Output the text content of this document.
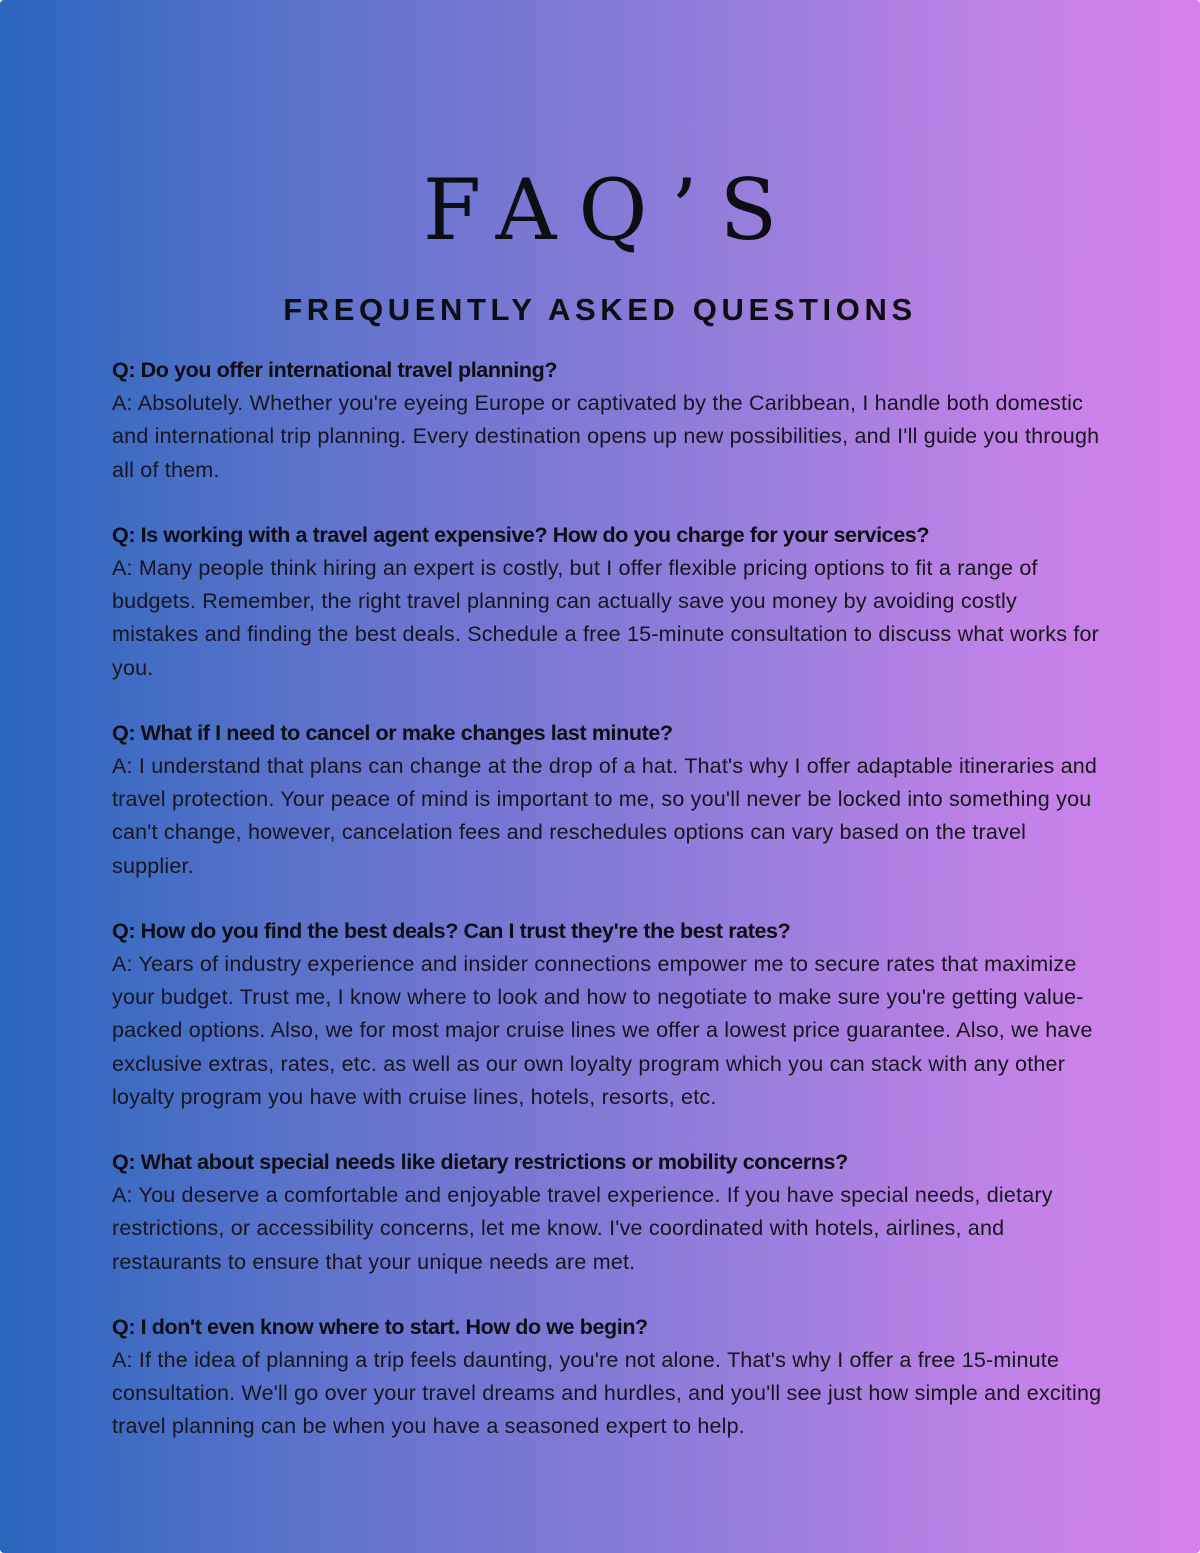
FAQ’S
FREQUENTLY ASKED QUESTIONS

Q: Do you offer international travel planning?

A: Absolutely. Whether you're eyeing Europe or captivated by the Caribbean, I handle both domestic and international trip planning. Every destination opens up new possibilities, and I'll guide you through all of them.

Q: Is working with a travel agent expensive? How do you charge for your services?

A: Many people think hiring an expert is costly, but I offer flexible pricing options to fit a range of budgets. Remember, the right travel planning can actually save you money by avoiding costly mistakes and finding the best deals. Schedule a free 15-minute consultation to discuss what works for you.

Q: What if I need to cancel or make changes last minute?

A: I understand that plans can change at the drop of a hat. That's why I offer adaptable itineraries and travel protection. Your peace of mind is important to me, so you'll never be locked into something you can't change, however, cancelation fees and reschedules options can vary based on the travel supplier.

Q: How do you find the best deals? Can I trust they're the best rates?

A: Years of industry experience and insider connections empower me to secure rates that maximize your budget. Trust me, I know where to look and how to negotiate to make sure you're getting value-packed options. Also, we for most major cruise lines we offer a lowest price guarantee. Also, we have exclusive extras, rates, etc. as well as our own loyalty program which you can stack with any other loyalty program you have with cruise lines, hotels, resorts, etc.

Q: What about special needs like dietary restrictions or mobility concerns?

A: You deserve a comfortable and enjoyable travel experience. If you have special needs, dietary restrictions, or accessibility concerns, let me know. I've coordinated with hotels, airlines, and restaurants to ensure that your unique needs are met.

Q: I don't even know where to start. How do we begin?

A: If the idea of planning a trip feels daunting, you're not alone. That's why I offer a free 15-minute consultation. We'll go over your travel dreams and hurdles, and you'll see just how simple and exciting travel planning can be when you have a seasoned expert to help.
